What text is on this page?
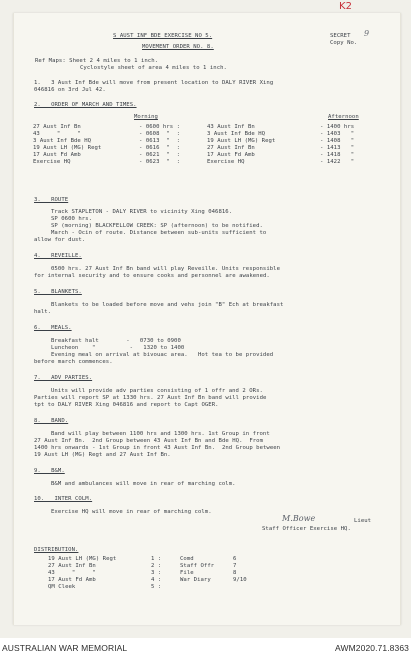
K2
S AUST INF BDE EXERCISE NO 5.	SECRET
Copy No.
9
MOVEMENT ORDER NO. 8.
Ref Maps: Sheet 2 4 miles to 1 inch.
Cyclostyle sheet of area 4 miles to 1 inch.
1.   3 Aust Inf Bde will move from present location to DALY RIVER Xing
046816 on 3rd Jul 42.
2.   ORDER OF MARCH AND TIMES.
Morning	Afternoon
27 Aust Inf Bn	- 0600 hrs :	43 Aust Inf Bn	- 1400 hrs
43     "     "	- 0608  "  :	3 Aust Inf Bde HQ	- 1403   "
3 Aust Inf Bde HQ	- 0613  "  :	19 Aust LH (MG) Regt	- 1408   "
19 Aust LH (MG) Regt	- 0616  "  :	27 Aust Inf Bn	- 1413   "
17 Aust Fd Amb	- 0621  "  :	17 Aust Fd Amb	- 1418   "
Exercise HQ	- 0623  "  :	Exercise HQ	- 1422   "
3.   ROUTE
Track STAPLETON - DALY RIVER to vicinity Xing 046816.
SP 0600 hrs.
SP (morning) BLACKFELLOW CREEK: SP (afternoon) to be notified.
March - Ocin of route. Distance between sub-units sufficient to
allow for dust.
4.   REVEILLE.
0500 hrs. 27 Aust Inf Bn band will play Reveille. Units responsible
for internal security and to ensure cooks and personnel are awakened.
5.   BLANKETS.
Blankets to be loaded before move and vehs join "B" Ech at breakfast
halt.
6.   MEALS.
Breakfast halt        -   0730 to 0900
Luncheon    "          -   1320 to 1400
Evening meal on arrival at bivouac area.   Hot tea to be provided
before march commences.
7.   ADV PARTIES.
Units will provide adv parties consisting of 1 offr and 2 ORs.
Parties will report SP at 1330 hrs. 27 Aust Inf Bn band will provide
tpt to DALY RIVER Xing 046816 and report to Capt OGER.
8.   BAND.
Band will play between 1100 hrs and 1300 hrs. 1st Group in front
27 Aust Inf Bn.  2nd Group between 43 Aust Inf Bn and Bde HQ.  From
1400 hrs onwards - 1st Group in front 43 Aust Inf Bn.  2nd Group between
19 Aust LH (MG) Regt and 27 Aust Inf Bn.
9.   B&M.
B&M and ambulances will move in rear of marching colm.
10.   INTER COLM.
Exercise HQ will move in rear of marching colm.
M.Bowe	Lieut
Staff Officer Exercise HQ.
DISTRIBUTION.
19 Aust LH (MG) Regt	1 :	Comd	6
27 Aust Inf Bn	2 :	Staff Offr	7
43     "     "	3 :	File	8
17 Aust Fd Amb	4 :	War Diary	9/10
QM Cleek	5 :
AUSTRALIAN WAR MEMORIAL	AWM2020.71.8363
